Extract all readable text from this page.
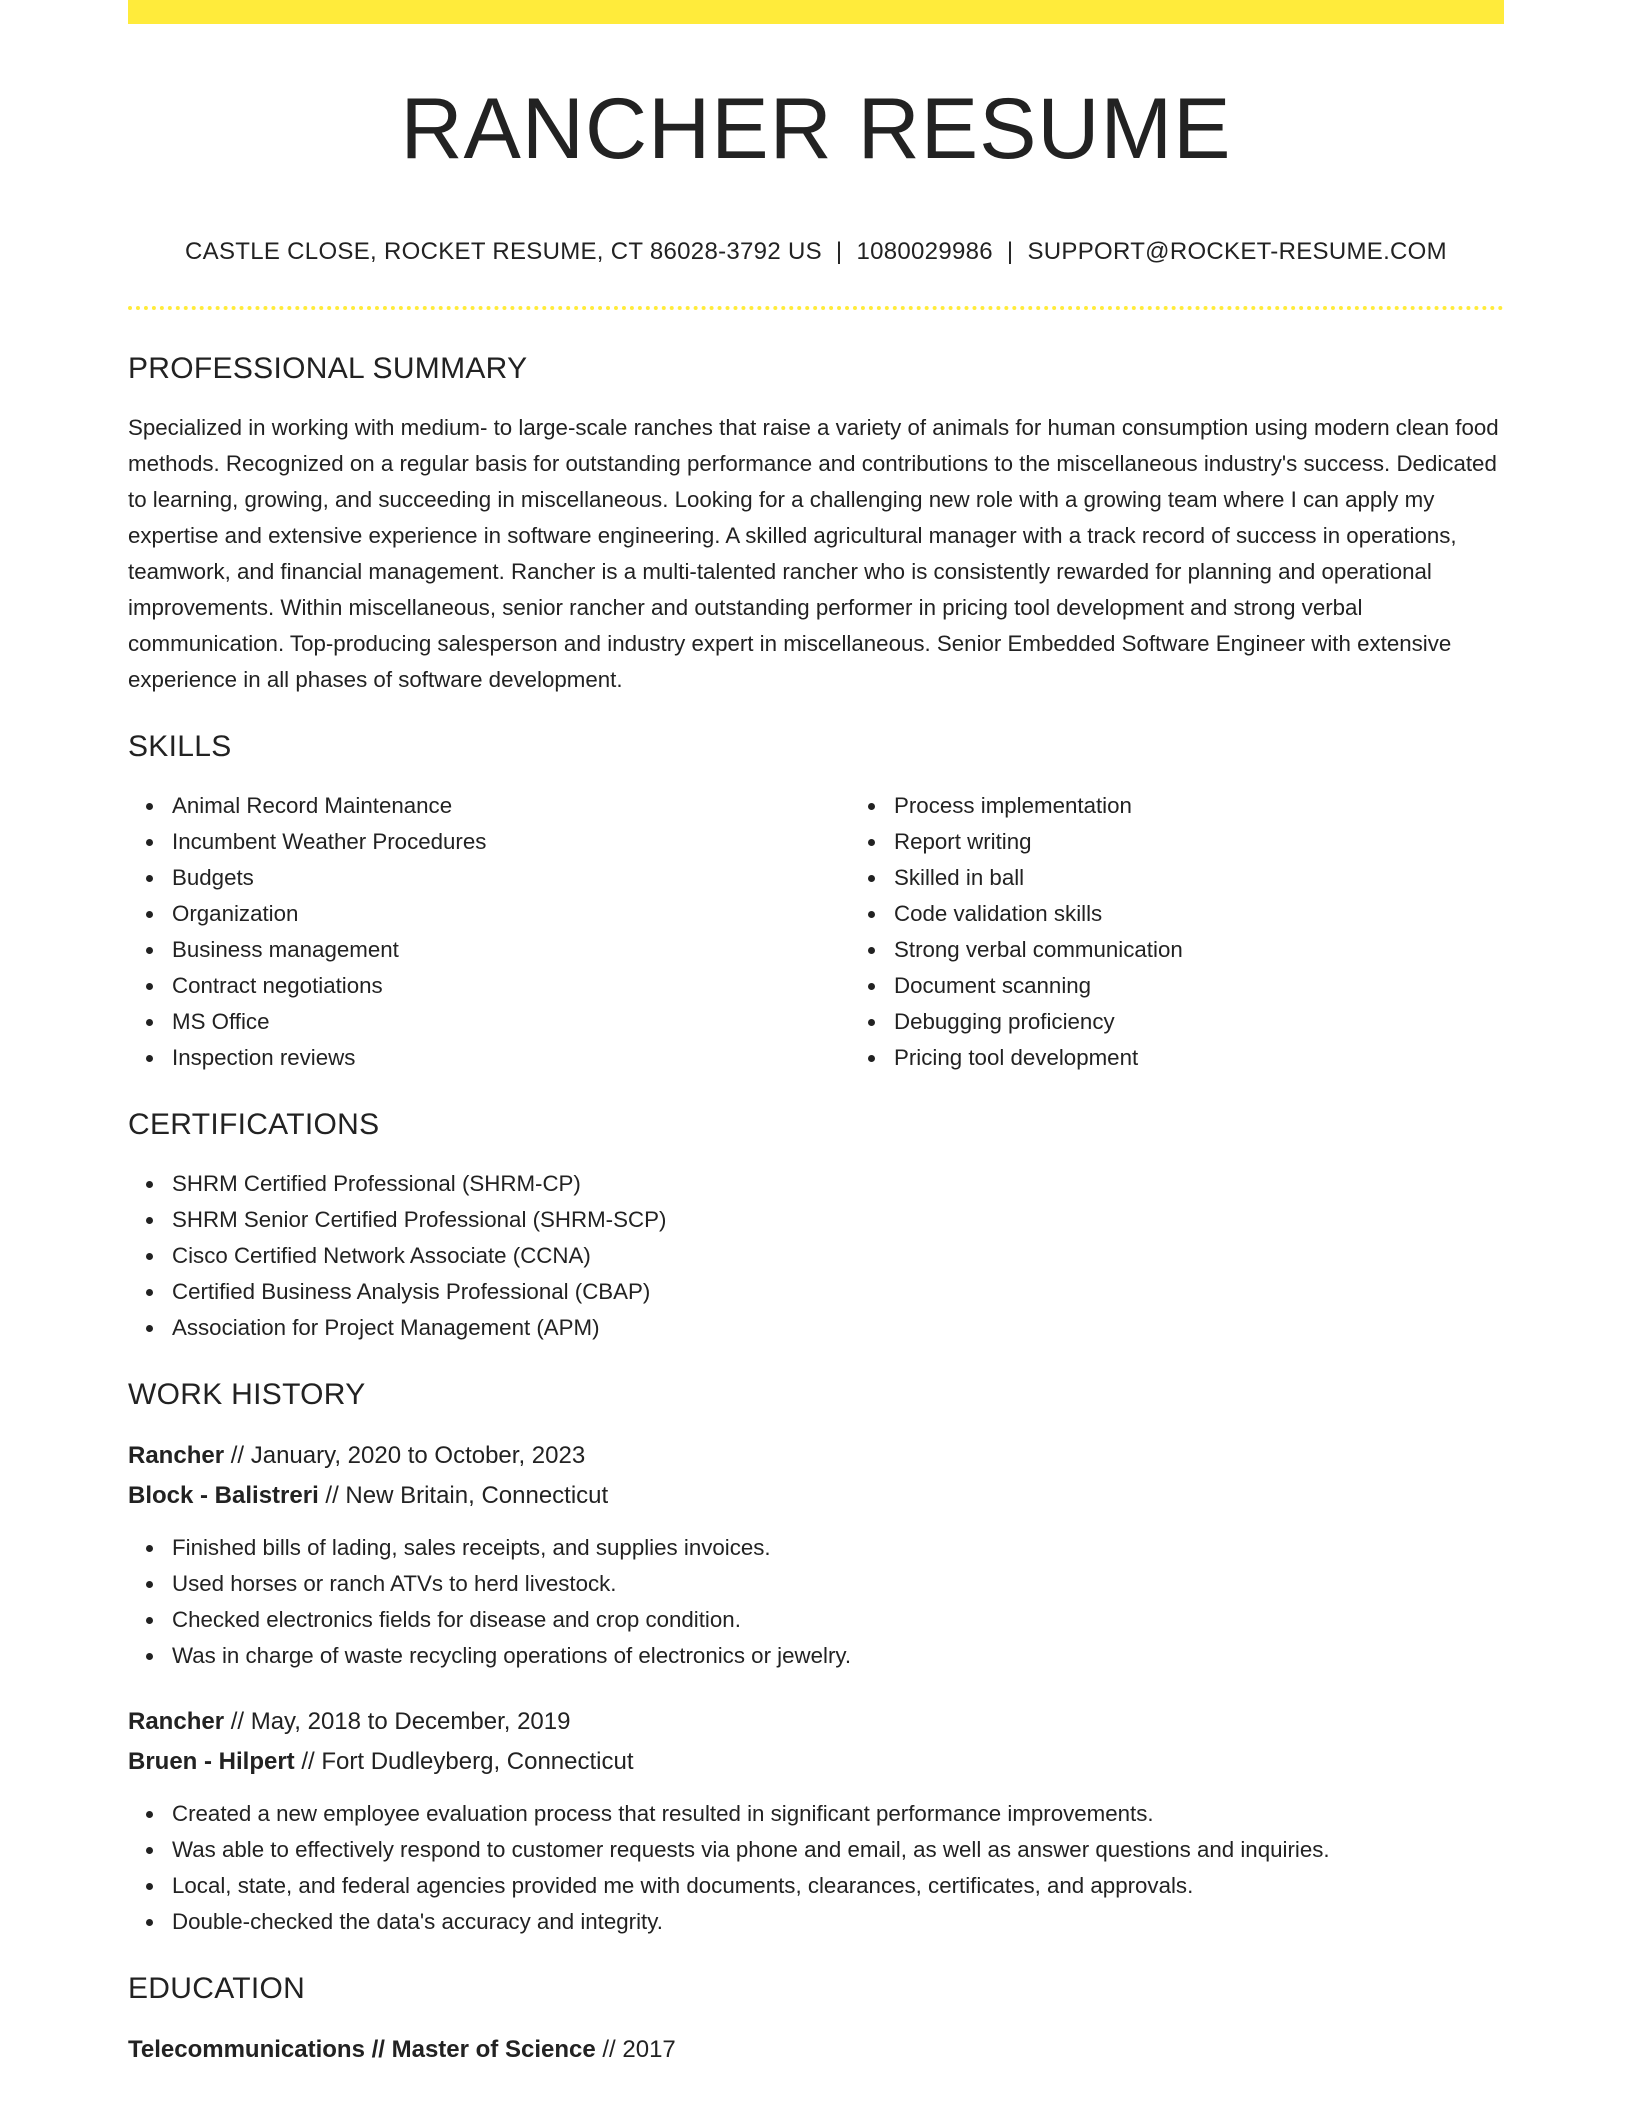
RANCHER RESUME
CASTLE CLOSE, ROCKET RESUME, CT 86028-3792 US | 1080029986 | SUPPORT@ROCKET-RESUME.COM
PROFESSIONAL SUMMARY

Specialized in working with medium- to large-scale ranches that raise a variety of animals for human consumption using modern clean food methods. Recognized on a regular basis for outstanding performance and contributions to the miscellaneous industry's success. Dedicated to learning, growing, and succeeding in miscellaneous. Looking for a challenging new role with a growing team where I can apply my expertise and extensive experience in software engineering. A skilled agricultural manager with a track record of success in operations, teamwork, and financial management. Rancher is a multi-talented rancher who is consistently rewarded for planning and operational improvements. Within miscellaneous, senior rancher and outstanding performer in pricing tool development and strong verbal communication. Top-producing salesperson and industry expert in miscellaneous. Senior Embedded Software Engineer with extensive experience in all phases of software development.

SKILLS
Animal Record Maintenance
Incumbent Weather Procedures
Budgets
Organization
Business management
Contract negotiations
MS Office
Inspection reviews
Process implementation
Report writing
Skilled in ball
Code validation skills
Strong verbal communication
Document scanning
Debugging proficiency
Pricing tool development
CERTIFICATIONS
SHRM Certified Professional (SHRM-CP)
SHRM Senior Certified Professional (SHRM-SCP)
Cisco Certified Network Associate (CCNA)
Certified Business Analysis Professional (CBAP)
Association for Project Management (APM)
WORK HISTORY
Rancher // January, 2020 to October, 2023
Block - Balistreri // New Britain, Connecticut
Finished bills of lading, sales receipts, and supplies invoices.
Used horses or ranch ATVs to herd livestock.
Checked electronics fields for disease and crop condition.
Was in charge of waste recycling operations of electronics or jewelry.
Rancher // May, 2018 to December, 2019
Bruen - Hilpert // Fort Dudleyberg, Connecticut
Created a new employee evaluation process that resulted in significant performance improvements.
Was able to effectively respond to customer requests via phone and email, as well as answer questions and inquiries.
Local, state, and federal agencies provided me with documents, clearances, certificates, and approvals.
Double-checked the data's accuracy and integrity.
EDUCATION
Telecommunications // Master of Science // 2017
